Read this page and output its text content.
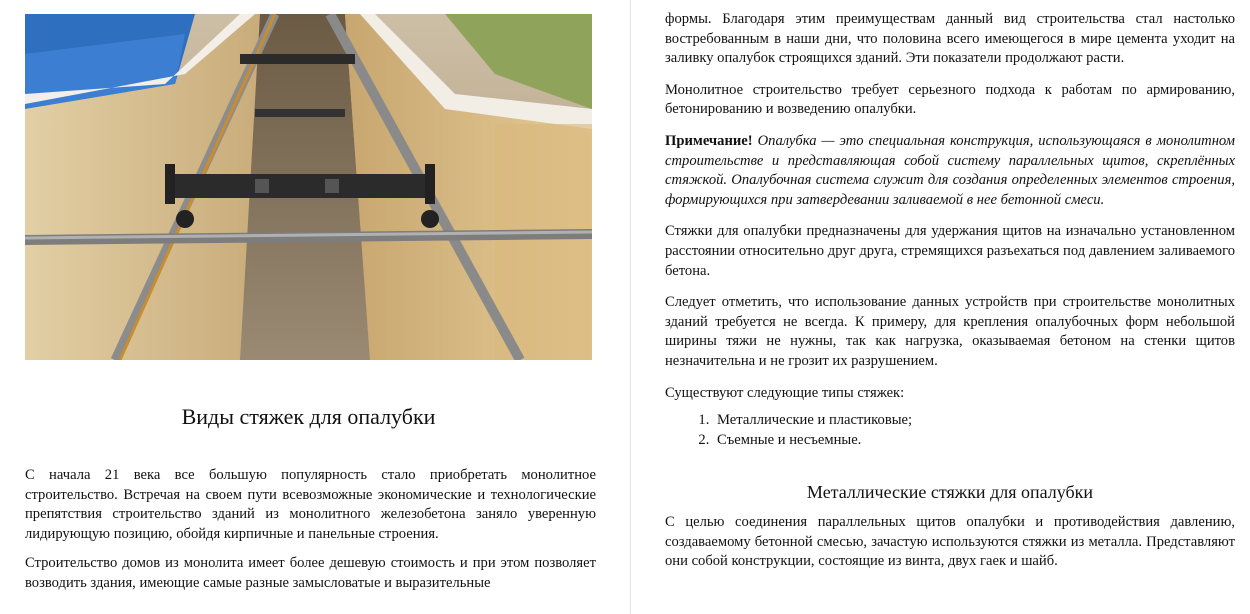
Виды стяжек для опалубки

С начала 21 века все большую популярность стало приобретать монолитное строительство. Встречая на своем пути всевозможные экономические и технологические препятствия строительство зданий из монолитного железобетона заняло уверенную лидирующую позицию, обойдя кирпичные и панельные строения.

Строительство домов из монолита имеет более дешевую стоимость и при этом позволяет возводить здания, имеющие самые разные замысловатые и выразительные

формы. Благодаря этим преимуществам данный вид строительства стал настолько востребованным в наши дни, что половина всего имеющегося в мире цемента уходит на заливку опалубок строящихся зданий. Эти показатели продолжают расти.

Монолитное строительство требует серьезного подхода к работам по армированию, бетонированию и возведению опалубки.

Примечание! Опалубка — это специальная конструкция, использующаяся в монолитном строительстве и представляющая собой систему параллельных щитов, скреплённых стяжкой. Опалубочная система служит для создания определенных элементов строения, формирующихся при затвердевании заливаемой в нее бетонной смеси.

Стяжки для опалубки предназначены для удержания щитов на изначально установленном расстоянии относительно друг друга, стремящихся разъехаться под давлением заливаемого бетона.

Следует отметить, что использование данных устройств при строительстве монолитных зданий требуется не всегда. К примеру, для крепления опалубочных форм небольшой ширины тяжи не нужны, так как нагрузка, оказываемая бетоном на стенки щитов незначительна и не грозит их разрушением.

Существуют следующие типы стяжек:

1. Металлические и пластиковые;
2. Съемные и несъемные.
Металлические стяжки для опалубки

С целью соединения параллельных щитов опалубки и противодействия давлению, создаваемому бетонной смесью, зачастую используются стяжки из металла. Представляют они собой конструкции, состоящие из винта, двух гаек и шайб.
